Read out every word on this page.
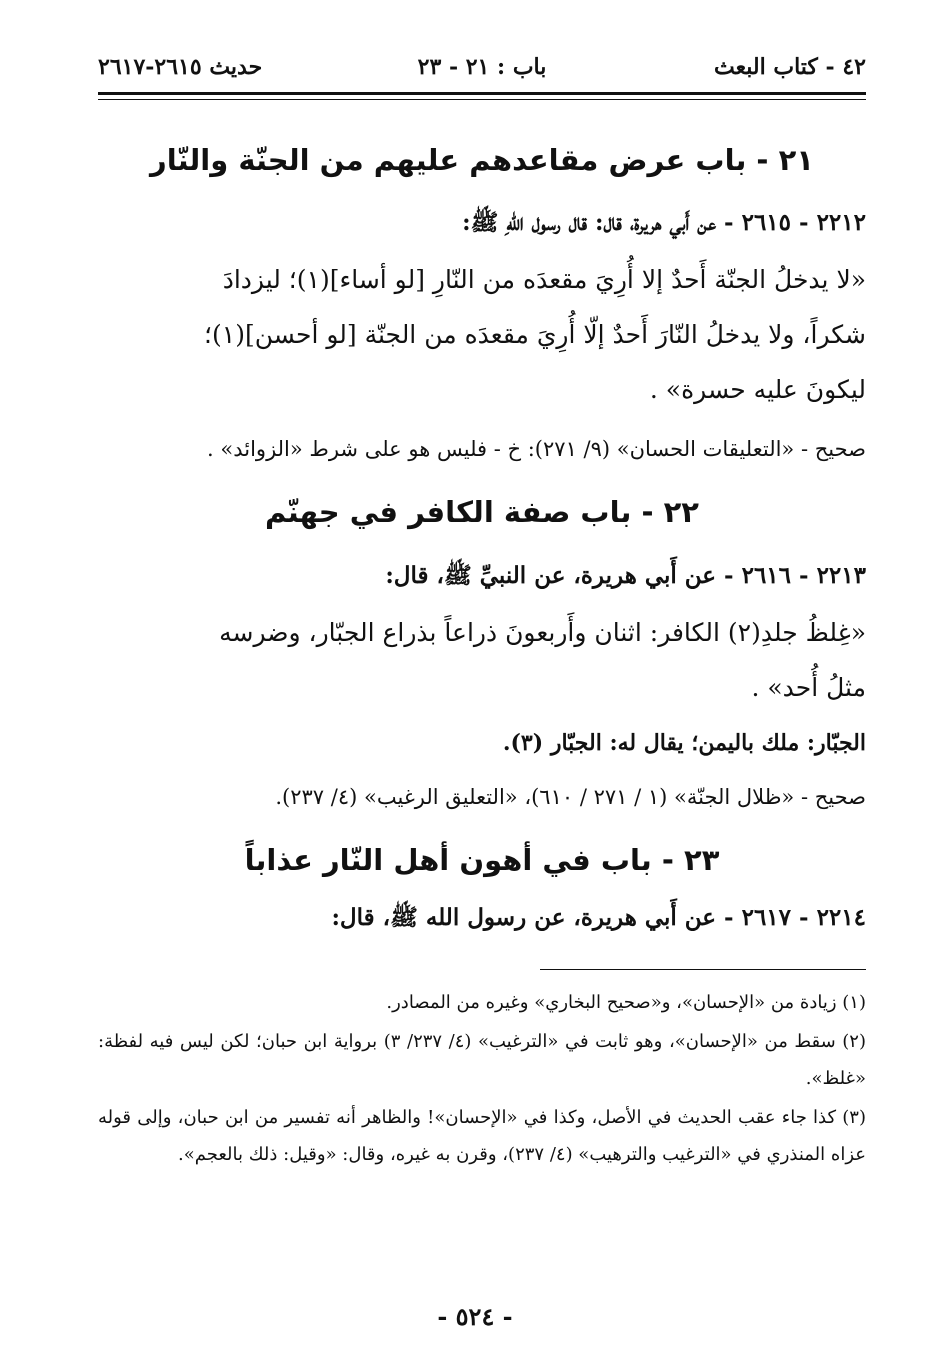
٤٢ - كتاب البعث
باب : ٢١ - ٢٣
حديث ٢٦١٥-٢٦١٧
٢١ - باب عرض مقاعدهم عليهم من الجنّة والنّار
٢٢١٢ - ٢٦١٥ - عن أَبي هريرة، قال: قال رسول اللهِ ﷺ:

«لا يدخلُ الجنّة أَحدٌ إلا أُرِيَ مقعدَه من النّارِ [لو أساء](١)؛ ليزدادَ

شكراً، ولا يدخلُ النّارَ أَحدٌ إلّا أُرِيَ مقعدَه من الجنّة [لو أحسن](١)؛

ليكونَ عليه حسرة» .

صحيح - «التعليقات الحسان» (٩/ ٢٧١): خ - فليس هو على شرط «الزوائد» .
٢٢ - باب صفة الكافر في جهنّم
٢٢١٣ - ٢٦١٦ - عن أَبي هريرة، عن النبيِّ ﷺ، قال:

«غِلظُ جلدِ(٢) الكافر: اثنان وأَربعونَ ذراعاً بذراع الجبّار، وضرسه

مثلُ أُحد» .

الجبّار: ملك باليمن؛ يقال له: الجبّار (٣).
صحيح - «ظلال الجنّة» (١ / ٢٧١ / ٦١٠)، «التعليق الرغيب» (٤/ ٢٣٧).
٢٣ - باب في أهون أهل النّار عذاباً
٢٢١٤ - ٢٦١٧ - عن أَبي هريرة، عن رسول الله ﷺ، قال:

(١) زيادة من «الإحسان»، و«صحيح البخاري» وغيره من المصادر.

(٢) سقط من «الإحسان»، وهو ثابت في «الترغيب» (٤/ ٢٣٧/ ٣) برواية ابن حبان؛ لكن ليس فيه لفظة: «غلظ».

(٣) كذا جاء عقب الحديث في الأصل، وكذا في «الإحسان»! والظاهر أنه تفسير من ابن حبان، وإلى قوله عزاه المنذري في «الترغيب والترهيب» (٤/ ٢٣٧)، وقرن به غيره، وقال: «وقيل: ذلك بالعجم».

- ٥٢٤ -
